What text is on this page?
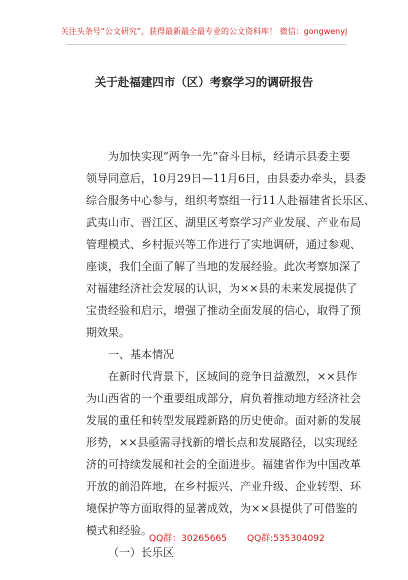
关注头条号“公文研究”，获得最新最全最专业的公文资料库！ 微信：gongwenyj
关于赴福建四市（区）考察学习的调研报告
为加快实现“两争一先”奋斗目标，经请示县委主要
领导同意后，10月29日—11月6日，由县委办牵头，县委
综合服务中心参与，组织考察组一行11人赴福建省长乐区、
武夷山市、晋江区、湖里区考察学习产业发展、产业布局
管理模式、乡村振兴等工作进行了实地调研，通过参观、
座谈，我们全面了解了当地的发展经验。此次考察加深了
对福建经济社会发展的认识，为××县的未来发展提供了
宝贵经验和启示，增强了推动全面发展的信心，取得了预
期效果。
一、基本情况
在新时代背景下，区域间的竞争日益激烈，××县作
为山西省的一个重要组成部分，肩负着推动地方经济社会
发展的重任和转型发展蹚新路的历史使命。面对新的发展
形势，××县亟需寻找新的增长点和发展路径，以实现经
济的可持续发展和社会的全面进步。福建省作为中国改革
开放的前沿阵地，在乡村振兴、产业升级、企业转型、环
境保护等方面取得的显著成效，为××县提供了可借鉴的
模式和经验。
（一）长乐区
QQ群：30265665 QQ群:535304092
